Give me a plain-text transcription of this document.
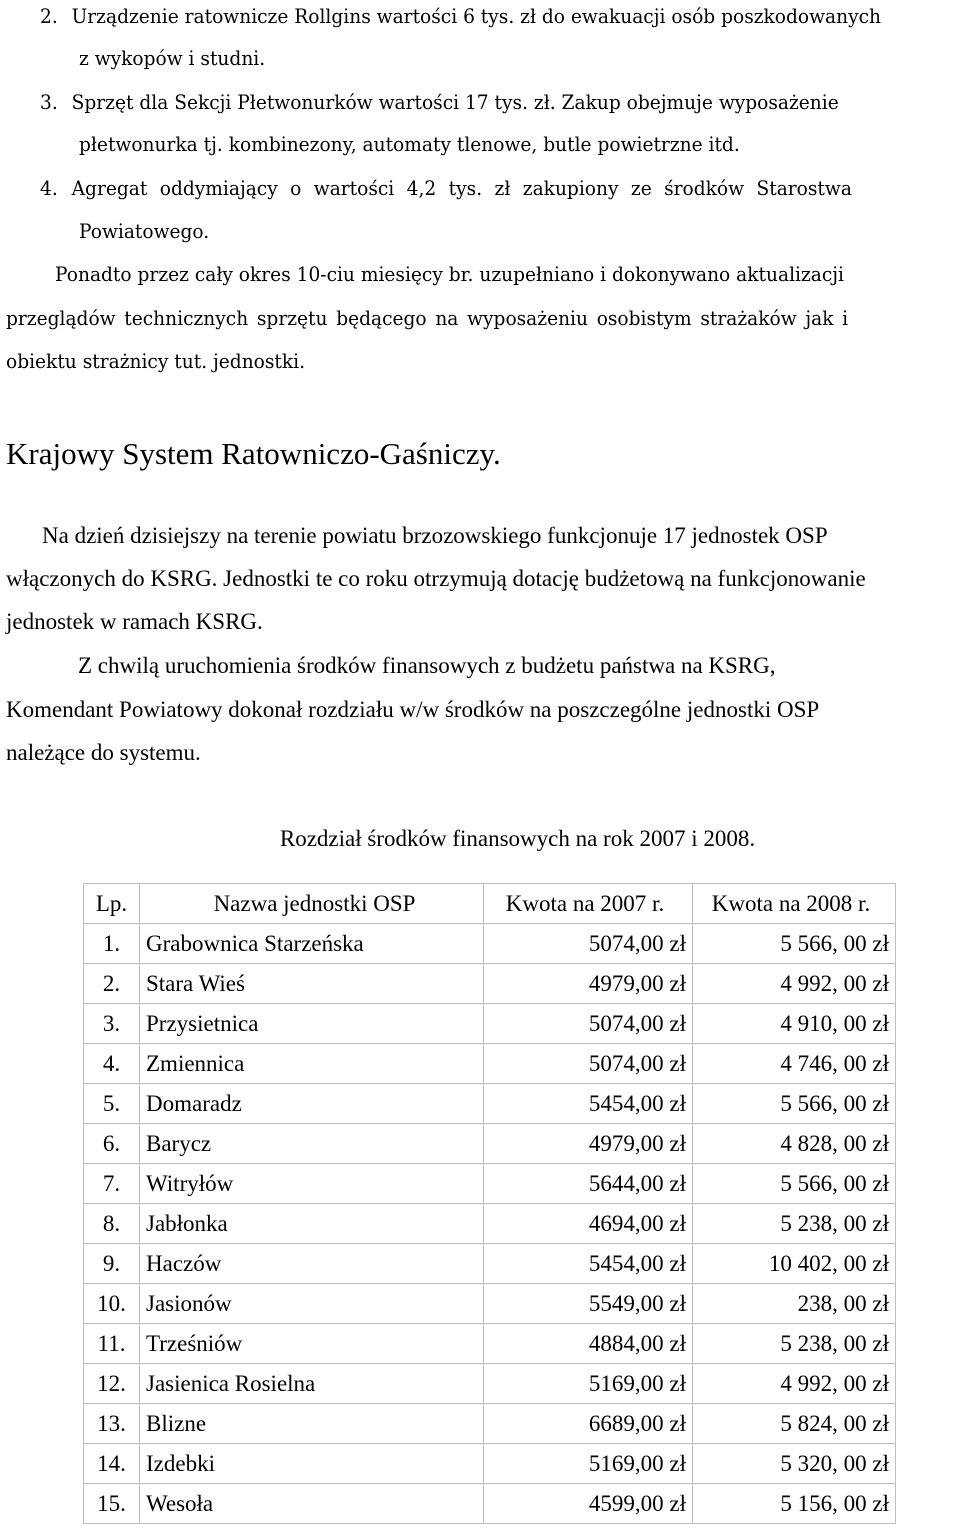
2. Urządzenie ratownicze Rollgins wartości 6 tys. zł do ewakuacji osób poszkodowanych
z wykopów i studni.
3. Sprzęt dla Sekcji Płetwonurków wartości 17 tys. zł. Zakup obejmuje wyposażenie
płetwonurka tj. kombinezony, automaty tlenowe, butle powietrzne itd.
4. Agregat oddymiający o wartości 4,2 tys. zł zakupiony ze środków Starostwa
Powiatowego.
Ponadto przez cały okres 10-ciu miesięcy br. uzupełniano i dokonywano aktualizacji
przeglądów technicznych sprzętu będącego na wyposażeniu osobistym strażaków jak i
obiektu strażnicy tut. jednostki.
Krajowy System Ratowniczo-Gaśniczy.
Na dzień dzisiejszy na terenie powiatu brzozowskiego funkcjonuje 17 jednostek OSP
włączonych do KSRG. Jednostki te co roku otrzymują dotację budżetową na funkcjonowanie
jednostek w ramach KSRG.
Z chwilą uruchomienia środków finansowych z budżetu państwa na KSRG,
Komendant Powiatowy dokonał rozdziału w/w środków na poszczególne jednostki OSP
należące do systemu.
Rozdział środków finansowych na rok 2007 i 2008.
Lp.	Nazwa jednostki OSP	Kwota na 2007 r.	Kwota na 2008 r.
1.	Grabownica Starzeńska	5074,00 zł	5 566, 00 zł
2.	Stara Wieś	4979,00 zł	4 992, 00 zł
3.	Przysietnica	5074,00 zł	4 910, 00 zł
4.	Zmiennica	5074,00 zł	4 746, 00 zł
5.	Domaradz	5454,00 zł	5 566, 00 zł
6.	Barycz	4979,00 zł	4 828, 00 zł
7.	Witryłów	5644,00 zł	5 566, 00 zł
8.	Jabłonka	4694,00 zł	5 238, 00 zł
9.	Haczów	5454,00 zł	10 402, 00 zł
10.	Jasionów	5549,00 zł	238, 00 zł
11.	Trześniów	4884,00 zł	5 238, 00 zł
12.	Jasienica Rosielna	5169,00 zł	4 992, 00 zł
13.	Blizne	6689,00 zł	5 824, 00 zł
14.	Izdebki	5169,00 zł	5 320, 00 zł
15.	Wesoła	4599,00 zł	5 156, 00 zł
